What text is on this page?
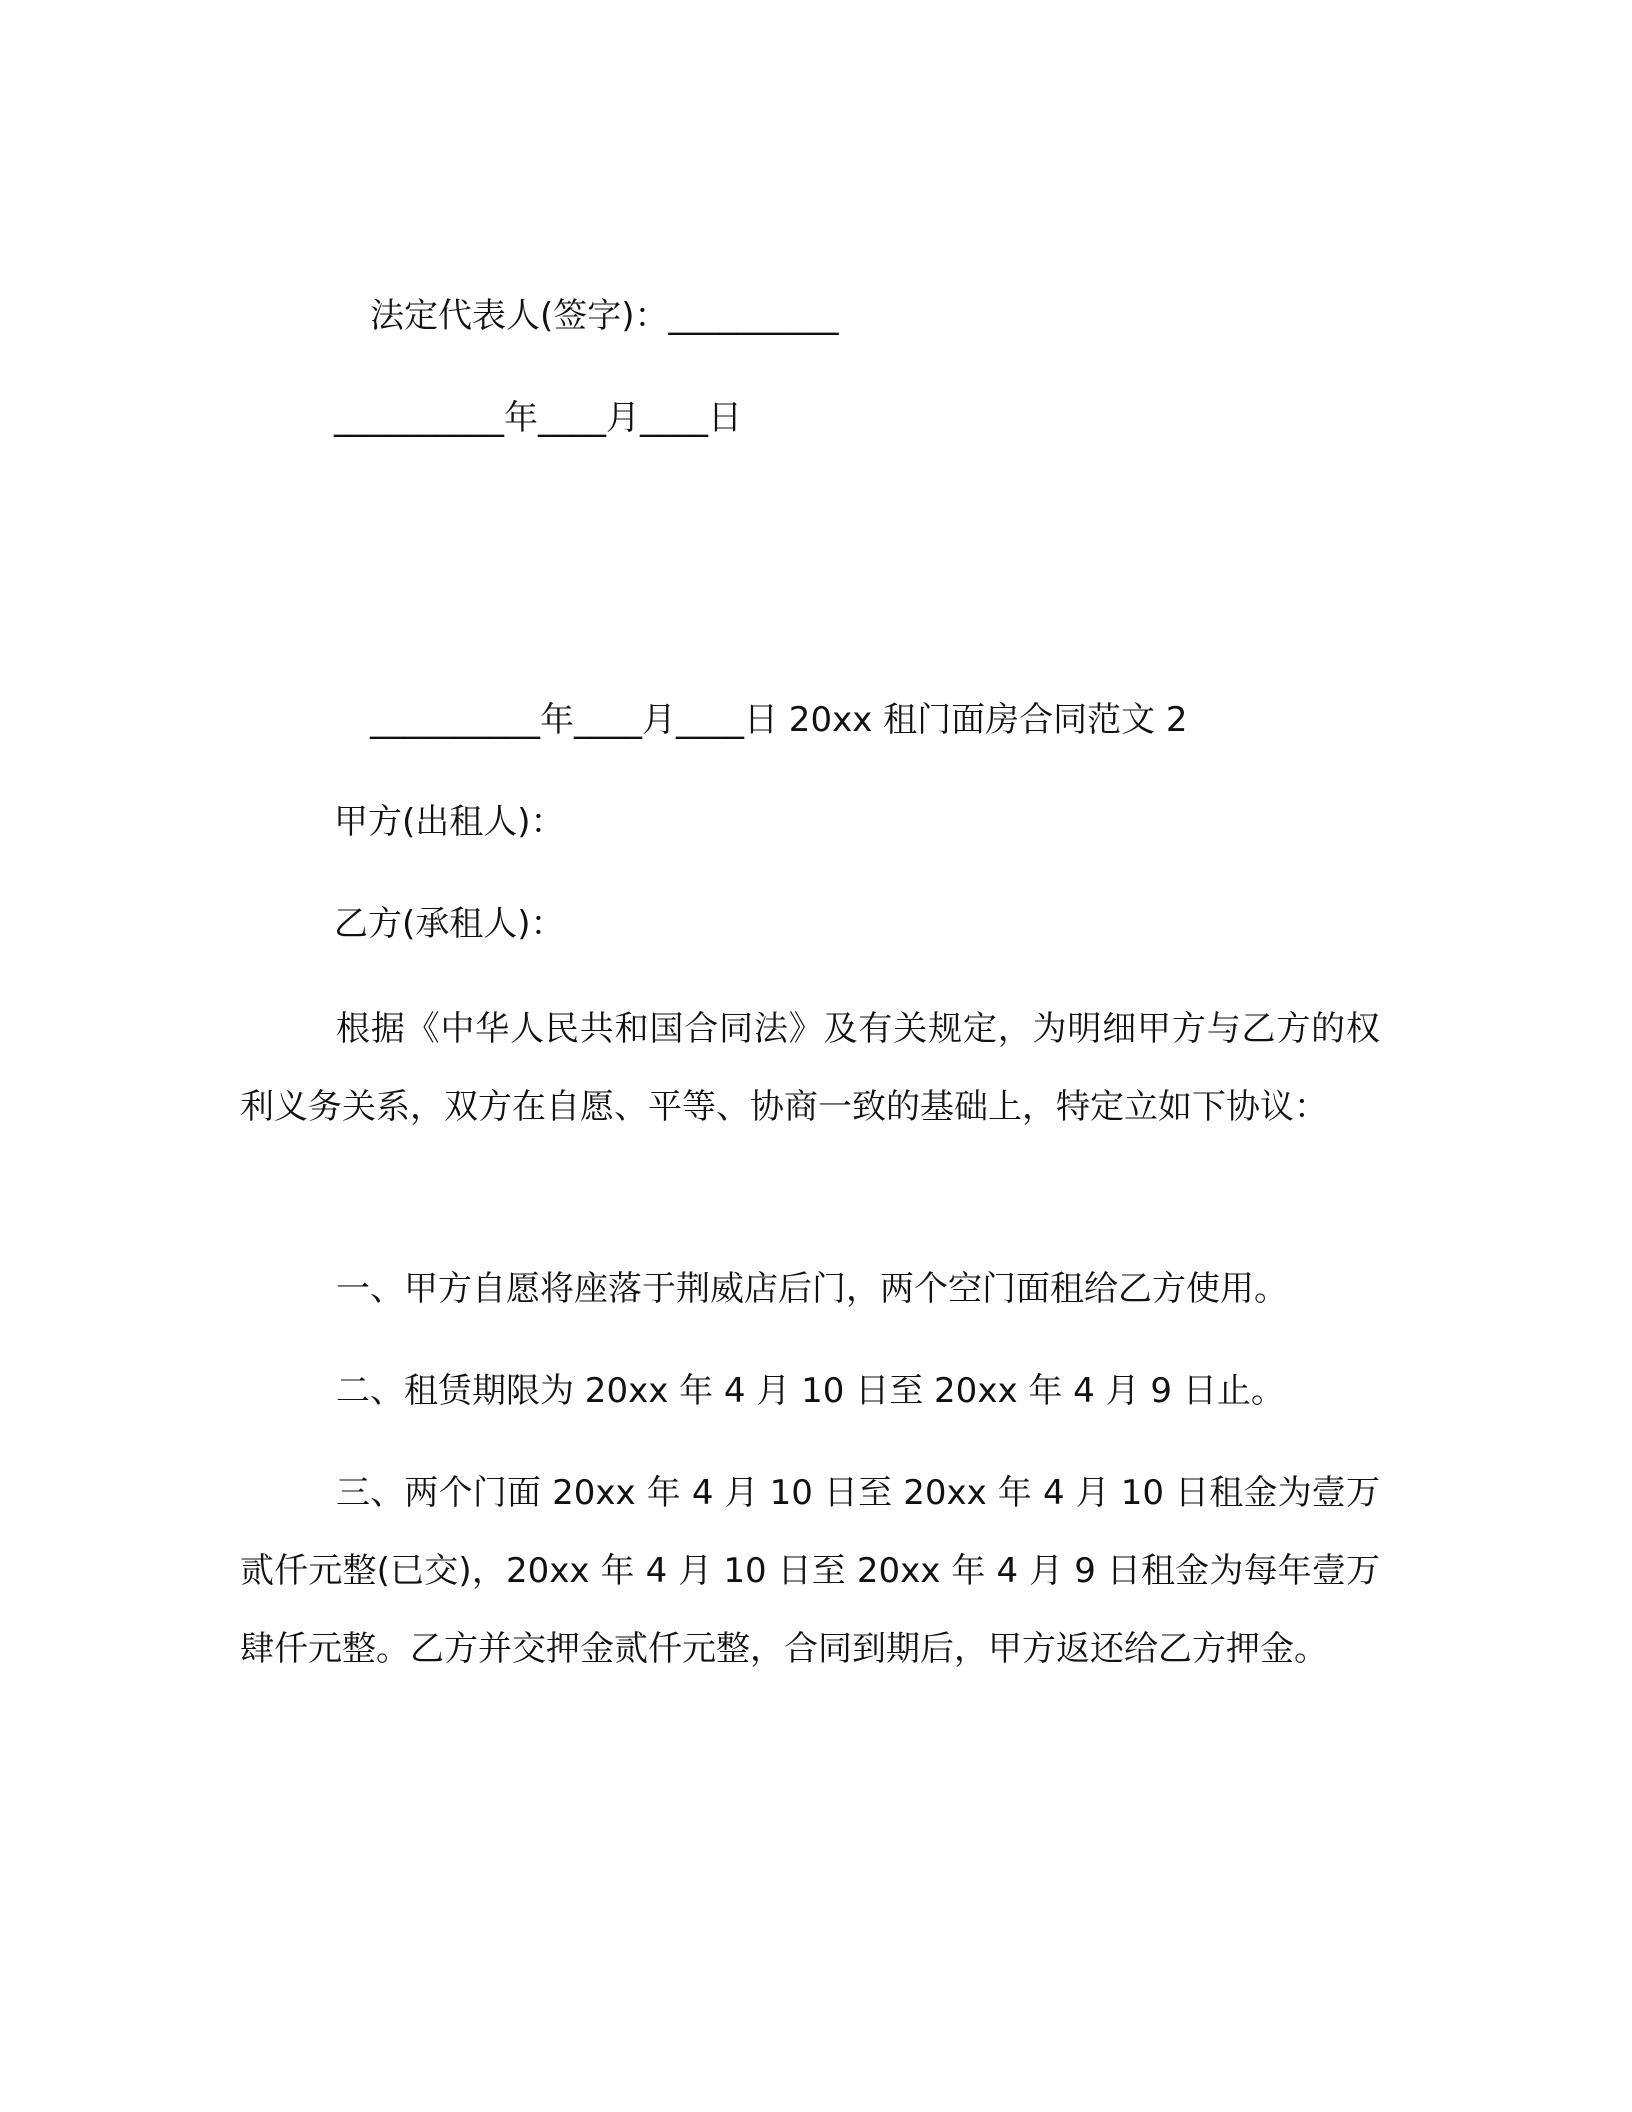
法定代表人(签字)：__________
__________年____月____日
__________年____月____日 20xx 租门面房合同范文 2
甲方(出租人)：
乙方(承租人)：
根据《中华人民共和国合同法》及有关规定，为明细甲方与乙方的权利义务关系，双方在自愿、平等、协商一致的基础上，特定立如下协议：
一、甲方自愿将座落于荆威店后门，两个空门面租给乙方使用。
二、租赁期限为 20xx 年 4 月 10 日至 20xx 年 4 月 9 日止。
三、两个门面 20xx 年 4 月 10 日至 20xx 年 4 月 10 日租金为壹万贰仟元整(已交)，20xx 年 4 月 10 日至 20xx 年 4 月 9 日租金为每年壹万肆仟元整。乙方并交押金贰仟元整，合同到期后，甲方返还给乙方押金。
